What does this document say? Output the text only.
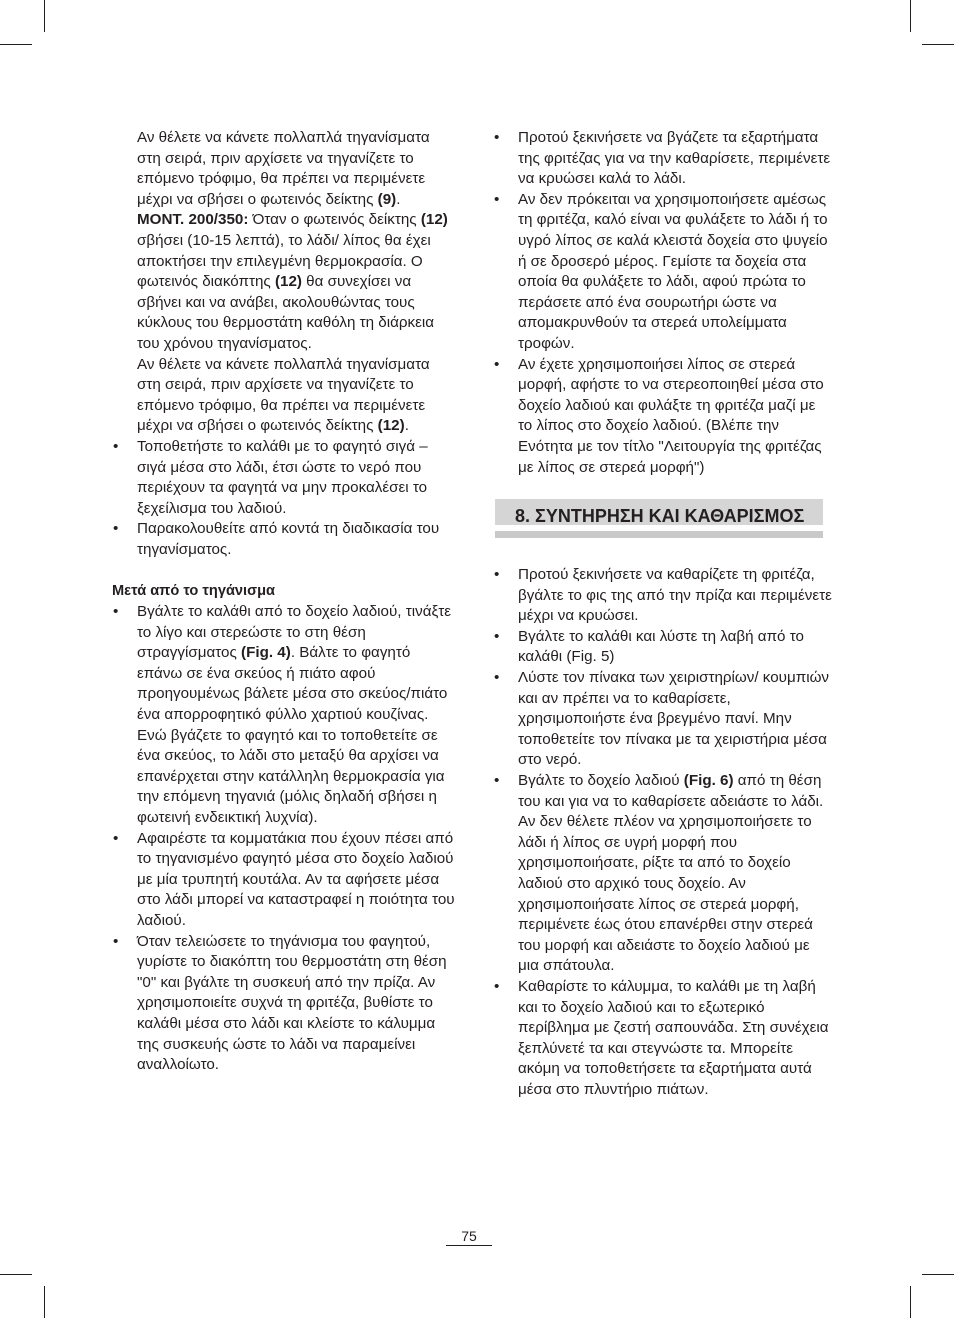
Αν θέλετε να κάνετε πολλαπλά τηγανίσματα στη σειρά, πριν αρχίσετε να τηγανίζετε το επόμενο τρόφιμο, θα πρέπει να περιμένετε μέχρι να σβήσει ο φωτεινός δείκτης (9).

MONT. 200/350: Όταν ο φωτεινός δείκτης (12) σβήσει (10-15 λεπτά), το λάδι/ λίπος θα έχει αποκτήσει την επιλεγμένη θερμοκρασία. Ο φωτεινός διακόπτης (12) θα συνεχίσει να σβήνει και να ανάβει, ακολουθώντας τους κύκλους του θερμοστάτη καθόλη τη διάρκεια του χρόνου τηγανίσματος.

Αν θέλετε να κάνετε πολλαπλά τηγανίσματα στη σειρά, πριν αρχίσετε να τηγανίζετε το επόμενο τρόφιμο, θα πρέπει να περιμένετε μέχρι να σβήσει ο φωτεινός δείκτης (12).

• Τοποθετήστε το καλάθι με το φαγητό σιγά – σιγά μέσα στο λάδι, έτσι ώστε το νερό που περιέχουν τα φαγητά να μην προκαλέσει το ξεχείλισμα του λαδιού.
• Παρακολουθείτε από κοντά τη διαδικασία του τηγανίσματος.

Μετά από το τηγάνισμα

• Βγάλτε το καλάθι από το δοχείο λαδιού, τινάξτε το λίγο και στερεώστε το στη θέση στραγγίσματος (Fig. 4). Βάλτε το φαγητό επάνω σε ένα σκεύος ή πιάτο αφού προηγουμένως βάλετε μέσα στο σκεύος/πιάτο ένα απορροφητικό φύλλο χαρτιού κουζίνας. Ενώ βγάζετε το φαγητό και το τοποθετείτε σε ένα σκεύος, το λάδι στο μεταξύ θα αρχίσει να επανέρχεται στην κατάλληλη θερμοκρασία για την επόμενη τηγανιά (μόλις δηλαδή σβήσει η φωτεινή ενδεικτική λυχνία).
• Αφαιρέστε τα κομματάκια που έχουν πέσει από το τηγανισμένο φαγητό μέσα στο δοχείο λαδιού με μία τρυπητή κουτάλα. Αν τα αφήσετε μέσα στο λάδι μπορεί να καταστραφεί η ποιότητα του λαδιού.
• Όταν τελειώσετε το τηγάνισμα του φαγητού, γυρίστε το διακόπτη του θερμοστάτη στη θέση "0" και βγάλτε τη συσκευή από την πρίζα. Αν χρησιμοποιείτε συχνά τη φριτέζα, βυθίστε το καλάθι μέσα στο λάδι και κλείστε το κάλυμμα της συσκευής ώστε το λάδι να παραμείνει αναλλοίωτο.
• Προτού ξεκινήσετε να βγάζετε τα εξαρτήματα της φριτέζας για να την καθαρίσετε, περιμένετε να κρυώσει καλά το λάδι.
• Αν δεν πρόκειται να χρησιμοποιήσετε αμέσως τη φριτέζα, καλό είναι να φυλάξετε το λάδι ή το υγρό λίπος σε καλά κλειστά δοχεία στο ψυγείο ή σε δροσερό μέρος. Γεμίστε τα δοχεία στα οποία θα φυλάξετε το λάδι, αφού πρώτα το περάσετε από ένα σουρωτήρι ώστε να απομακρυνθούν τα στερεά υπολείμματα τροφών.
• Αν έχετε χρησιμοποιήσει λίπος σε στερεά μορφή, αφήστε το να στερεοποιηθεί μέσα στο δοχείο λαδιού και φυλάξτε τη φριτέζα μαζί με το λίπος στο δοχείο λαδιού. (Βλέπε την Ενότητα με τον τίτλο "Λειτουργία της φριτέζας με λίπος σε στερεά μορφή")
8. ΣΥΝΤΗΡΗΣΗ ΚΑΙ ΚΑΘΑΡΙΣΜΟΣ
• Προτού ξεκινήσετε να καθαρίζετε τη φριτέζα, βγάλτε το φις της από την πρίζα και περιμένετε μέχρι να κρυώσει.
• Βγάλτε το καλάθι και λύστε τη λαβή από το καλάθι (Fig. 5)
• Λύστε τον πίνακα των χειριστηρίων/ κουμπιών και αν πρέπει να το καθαρίσετε, χρησιμοποιήστε ένα βρεγμένο πανί. Μην τοποθετείτε τον πίνακα με τα χειριστήρια μέσα στο νερό.
• Βγάλτε το δοχείο λαδιού (Fig. 6) από τη θέση του και για να το καθαρίσετε αδειάστε το λάδι. Αν δεν θέλετε πλέον να χρησιμοποιήσετε το λάδι ή λίπος σε υγρή μορφή που χρησιμοποιήσατε, ρίξτε τα από το δοχείο λαδιού στο αρχικό τους δοχείο. Αν χρησιμοποιήσατε λίπος σε στερεά μορφή, περιμένετε έως ότου επανέρθει στην στερεά του μορφή και αδειάστε το δοχείο λαδιού με μια σπάτουλα.
• Καθαρίστε το κάλυμμα, το καλάθι με τη λαβή και το δοχείο λαδιού και το εξωτερικό περίβλημα με ζεστή σαπουνάδα. Στη συνέχεια ξεπλύνετέ τα και στεγνώστε τα. Μπορείτε ακόμη να τοποθετήσετε τα εξαρτήματα αυτά μέσα στο πλυντήριο πιάτων.
75
